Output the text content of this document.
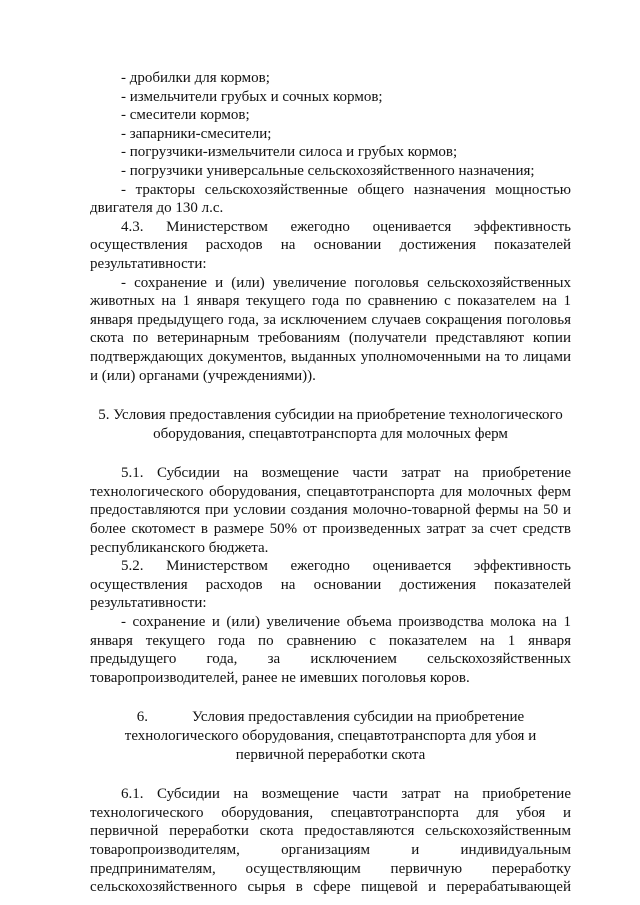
- дробилки для кормов;
- измельчители грубых и сочных кормов;
- смесители кормов;
- запарники-смесители;
- погрузчики-измельчители силоса и грубых кормов;
- погрузчики универсальные сельскохозяйственного назначения;
- тракторы сельскохозяйственные общего назначения мощностью
двигателя до 130 л.с.
4.3. Министерством ежегодно оценивается эффективность
осуществления расходов на основании достижения показателей
результативности:
- сохранение и (или) увеличение поголовья сельскохозяйственных
животных на 1 января текущего года по сравнению с показателем на 1
января предыдущего года, за исключением случаев сокращения поголовья
скота по ветеринарным требованиям (получатели представляют копии
подтверждающих документов, выданных уполномоченными на то лицами
и (или) органами (учреждениями)).
5. Условия предоставления субсидии на приобретение технологического
оборудования, спецавтотранспорта для молочных ферм
5.1. Субсидии на возмещение части затрат на приобретение
технологического оборудования, спецавтотранспорта для молочных ферм
предоставляются при условии создания молочно-товарной фермы на 50 и
более скотомест в размере 50% от произведенных затрат за счет средств
республиканского бюджета.
5.2. Министерством ежегодно оценивается эффективность
осуществления расходов на основании достижения показателей
результативности:
- сохранение и (или) увеличение объема производства молока на 1
января текущего года по сравнению с показателем на 1 января
предыдущего года, за исключением сельскохозяйственных
товаропроизводителей, ранее не имевших поголовья коров.
6.	Условия предоставления субсидии на приобретение
технологического оборудования, спецавтотранспорта для убоя и
первичной переработки скота
6.1. Субсидии на возмещение части затрат на приобретение
технологического оборудования, спецавтотранспорта для убоя и
первичной переработки скота предоставляются сельскохозяйственным
товаропроизводителям, организациям и индивидуальным
предпринимателям, осуществляющим первичную переработку
сельскохозяйственного сырья в сфере пищевой и перерабатывающей
